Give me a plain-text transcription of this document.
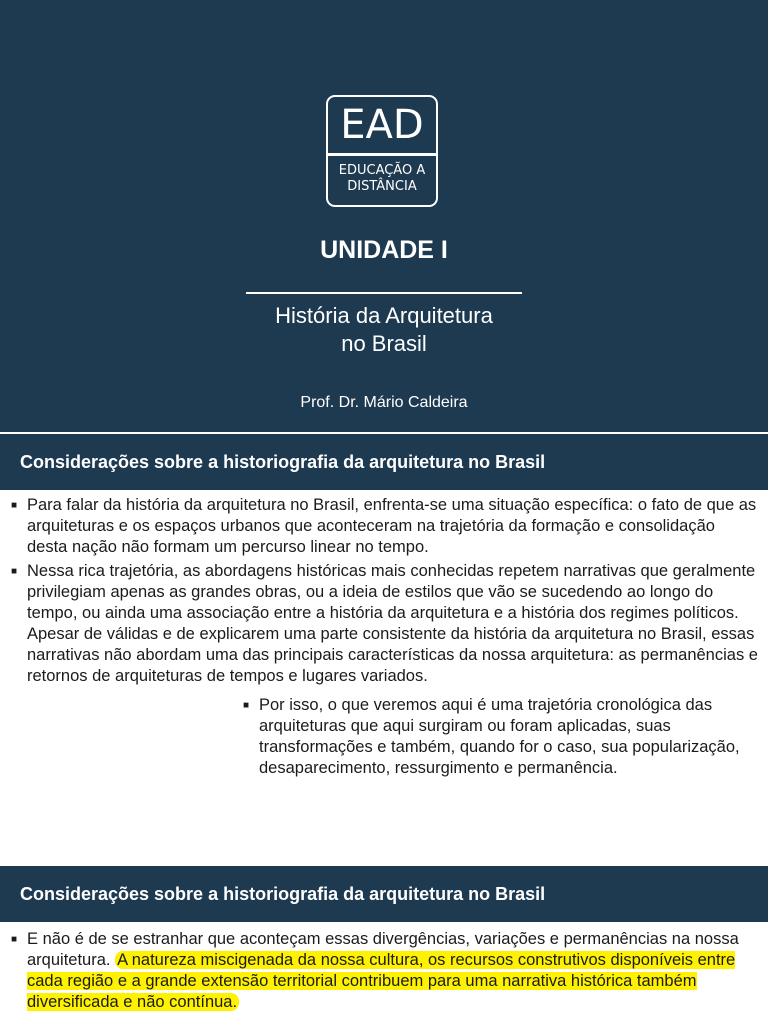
EAD
EDUCAÇÃO A
DISTÂNCIA
UNIDADE I
História da Arquitetura
no Brasil
Prof. Dr. Mário Caldeira
Considerações sobre a historiografia da arquitetura no Brasil
■ Para falar da história da arquitetura no Brasil, enfrenta-se uma situação específica: o fato de que as arquiteturas e os espaços urbanos que aconteceram na trajetória da formação e consolidação desta nação não formam um percurso linear no tempo.
■ Nessa rica trajetória, as abordagens históricas mais conhecidas repetem narrativas que geralmente privilegiam apenas as grandes obras, ou a ideia de estilos que vão se sucedendo ao longo do tempo, ou ainda uma associação entre a história da arquitetura e a história dos regimes políticos. Apesar de válidas e de explicarem uma parte consistente da história da arquitetura no Brasil, essas narrativas não abordam uma das principais características da nossa arquitetura: as permanências e retornos de arquiteturas de tempos e lugares variados.
■ Por isso, o que veremos aqui é uma trajetória cronológica das arquiteturas que aqui surgiram ou foram aplicadas, suas transformações e também, quando for o caso, sua popularização, desaparecimento, ressurgimento e permanência.
Considerações sobre a historiografia da arquitetura no Brasil
■ E não é de se estranhar que aconteçam essas divergências, variações e permanências na nossa arquitetura. A natureza miscigenada da nossa cultura, os recursos construtivos disponíveis entre cada região e a grande extensão territorial contribuem para uma narrativa histórica também diversificada e não contínua.
